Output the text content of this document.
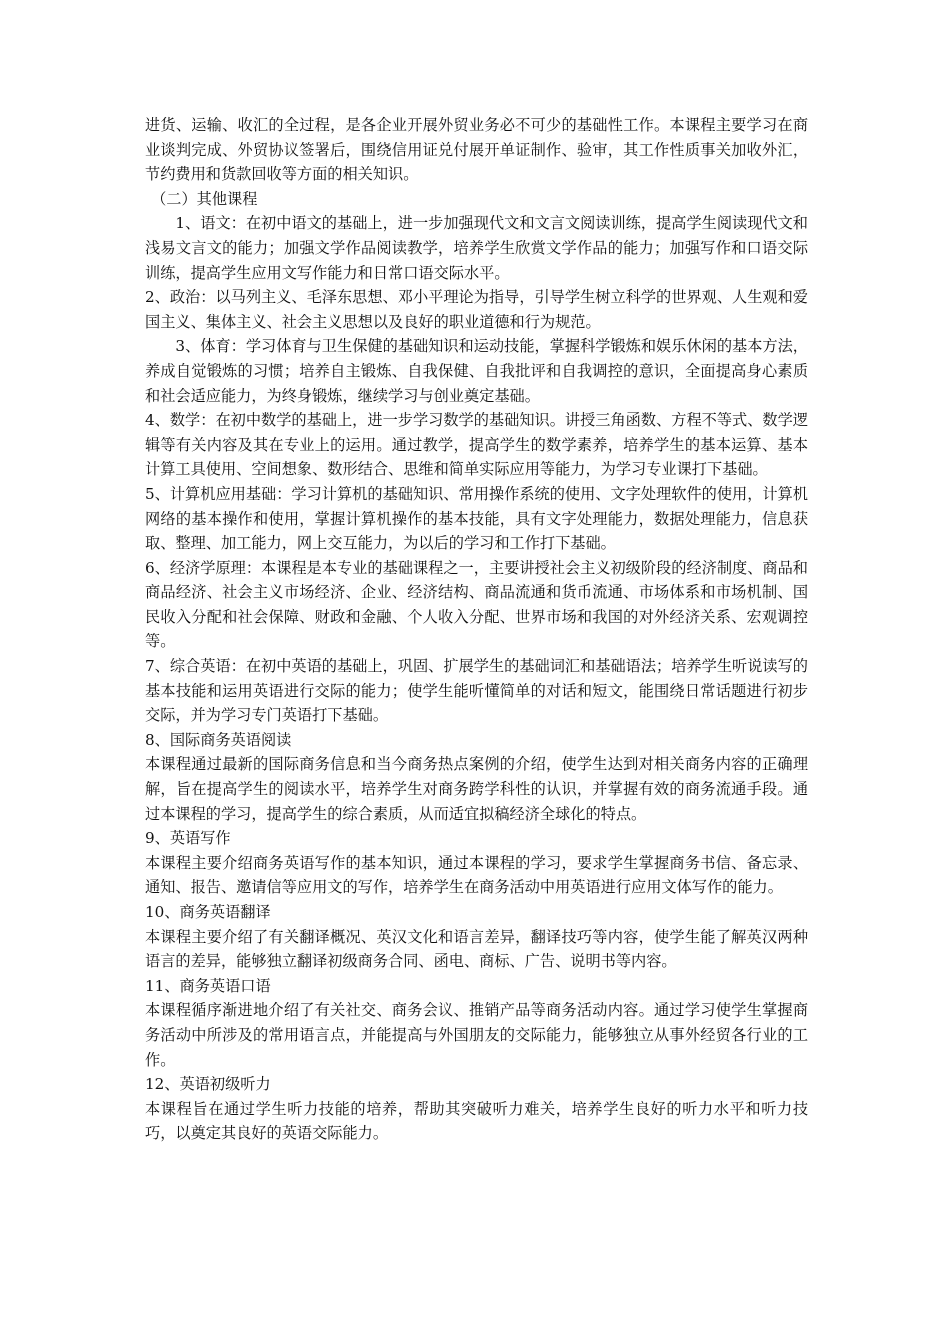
进货、运输、收汇的全过程，是各企业开展外贸业务必不可少的基础性工作。本课程主要学习在商业谈判完成、外贸协议签署后，围绕信用证兑付展开单证制作、验审，其工作性质事关加收外汇，节约费用和货款回收等方面的相关知识。

（二）其他课程

1、语文：在初中语文的基础上，进一步加强现代文和文言文阅读训练，提高学生阅读现代文和浅易文言文的能力；加强文学作品阅读教学，培养学生欣赏文学作品的能力；加强写作和口语交际训练，提高学生应用文写作能力和日常口语交际水平。

2、政治：以马列主义、毛泽东思想、邓小平理论为指导，引导学生树立科学的世界观、人生观和爱国主义、集体主义、社会主义思想以及良好的职业道德和行为规范。

3、体育：学习体育与卫生保健的基础知识和运动技能，掌握科学锻炼和娱乐休闲的基本方法，养成自觉锻炼的习惯；培养自主锻炼、自我保健、自我批评和自我调控的意识，全面提高身心素质和社会适应能力，为终身锻炼，继续学习与创业奠定基础。

4、数学：在初中数学的基础上，进一步学习数学的基础知识。讲授三角函数、方程不等式、数学逻辑等有关内容及其在专业上的运用。通过教学，提高学生的数学素养，培养学生的基本运算、基本计算工具使用、空间想象、数形结合、思维和简单实际应用等能力，为学习专业课打下基础。

5、计算机应用基础：学习计算机的基础知识、常用操作系统的使用、文字处理软件的使用，计算机网络的基本操作和使用，掌握计算机操作的基本技能，具有文字处理能力，数据处理能力，信息获取、整理、加工能力，网上交互能力，为以后的学习和工作打下基础。

6、经济学原理：本课程是本专业的基础课程之一，主要讲授社会主义初级阶段的经济制度、商品和商品经济、社会主义市场经济、企业、经济结构、商品流通和货币流通、市场体系和市场机制、国民收入分配和社会保障、财政和金融、个人收入分配、世界市场和我国的对外经济关系、宏观调控等。

7、综合英语：在初中英语的基础上，巩固、扩展学生的基础词汇和基础语法；培养学生听说读写的基本技能和运用英语进行交际的能力；使学生能听懂简单的对话和短文，能围绕日常话题进行初步交际，并为学习专门英语打下基础。

8、国际商务英语阅读

本课程通过最新的国际商务信息和当今商务热点案例的介绍，使学生达到对相关商务内容的正确理解，旨在提高学生的阅读水平，培养学生对商务跨学科性的认识，并掌握有效的商务流通手段。通过本课程的学习，提高学生的综合素质，从而适宜拟稿经济全球化的特点。

9、英语写作

本课程主要介绍商务英语写作的基本知识，通过本课程的学习，要求学生掌握商务书信、备忘录、通知、报告、邀请信等应用文的写作，培养学生在商务活动中用英语进行应用文体写作的能力。

10、商务英语翻译

本课程主要介绍了有关翻译概况、英汉文化和语言差异，翻译技巧等内容，使学生能了解英汉两种语言的差异，能够独立翻译初级商务合同、函电、商标、广告、说明书等内容。

11、商务英语口语

本课程循序渐进地介绍了有关社交、商务会议、推销产品等商务活动内容。通过学习使学生掌握商务活动中所涉及的常用语言点，并能提高与外国朋友的交际能力，能够独立从事外经贸各行业的工作。

12、英语初级听力

本课程旨在通过学生听力技能的培养，帮助其突破听力难关，培养学生良好的听力水平和听力技巧，以奠定其良好的英语交际能力。
